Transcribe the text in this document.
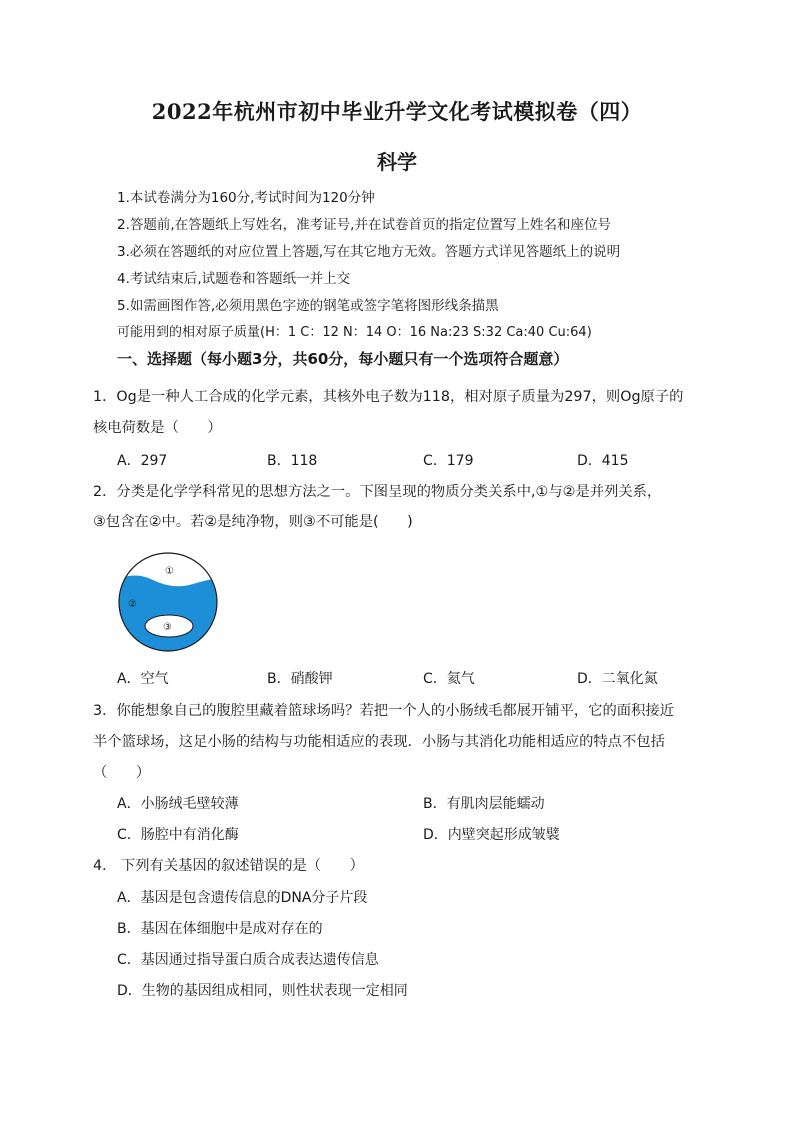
2022年杭州市初中毕业升学文化考试模拟卷（四）
科学
1.本试卷满分为160分,考试时间为120分钟
2.答题前,在答题纸上写姓名，准考证号,并在试卷首页的指定位置写上姓名和座位号
3.必须在答题纸的对应位置上答题,写在其它地方无效。答题方式详见答题纸上的说明
4.考试结束后,试题卷和答题纸一并上交
5.如需画图作答,必须用黑色字迹的钢笔或签字笔将图形线条描黑
可能用到的相对原子质量(H：1 C：12 N：14 O：16 Na:23 S:32 Ca:40 Cu:64)
一、选择题（每小题3分，共60分，每小题只有一个选项符合题意）
1．Og是一种人工合成的化学元素，其核外电子数为118，相对原子质量为297，则Og原子的
核电荷数是（　　）
A．297	B．118	C．179	D．415
2．分类是化学学科常见的思想方法之一。下图呈现的物质分类关系中,①与②是并列关系，
③包含在②中。若②是纯净物，则③不可能是(　　)
①
②
③
A．空气	B．硝酸钾	C．氦气	D．二氧化氮
3．你能想象自己的腹腔里藏着篮球场吗？若把一个人的小肠绒毛都展开铺平，它的面积接近
半个篮球场，这足小肠的结构与功能相适应的表现．小肠与其消化功能相适应的特点不包括
（　　）
A．小肠绒毛壁较薄	B．有肌肉层能蠕动
C．肠腔中有消化酶	D．内壁突起形成皱襞
4． 下列有关基因的叙述错误的是（　　）
A．基因是包含遗传信息的DNA分子片段
B．基因在体细胞中是成对存在的
C．基因通过指导蛋白质合成表达遗传信息
D．生物的基因组成相同，则性状表现一定相同
